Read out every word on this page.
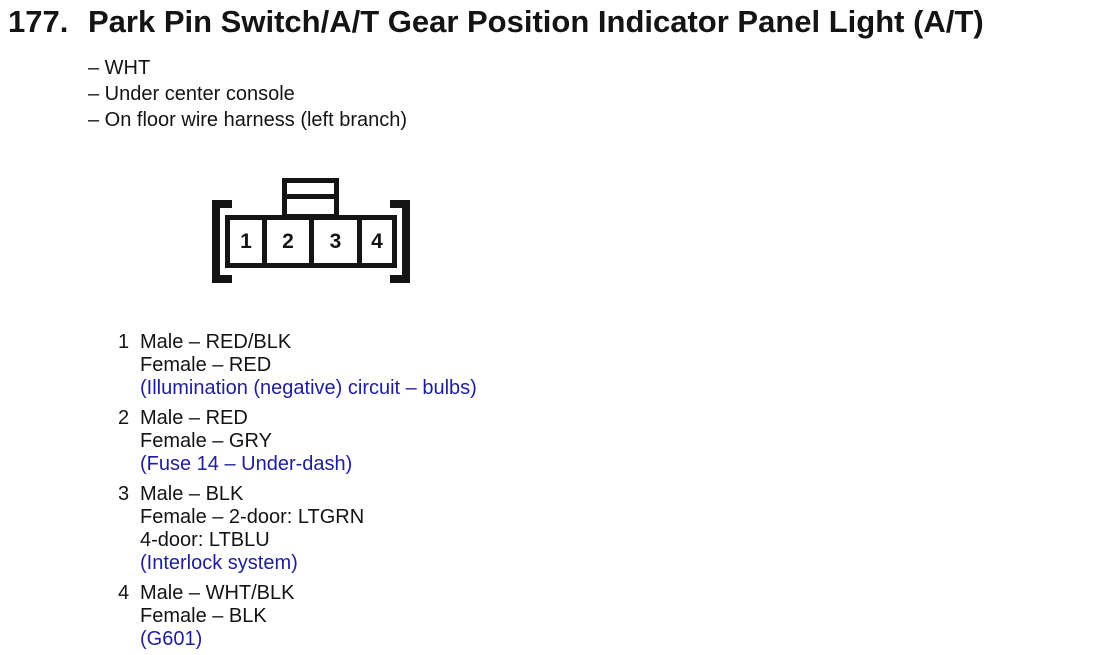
177. Park Pin Switch/A/T Gear Position Indicator Panel Light (A/T)
– WHT
– Under center console
– On floor wire harness (left branch)
1 2 3 4
1 Male – RED/BLK
Female – RED
(Illumination (negative) circuit – bulbs)
2 Male – RED
Female – GRY
(Fuse 14 – Under-dash)
3 Male – BLK
Female – 2-door: LTGRN
4-door: LTBLU
(Interlock system)
4 Male – WHT/BLK
Female – BLK
(G601)
